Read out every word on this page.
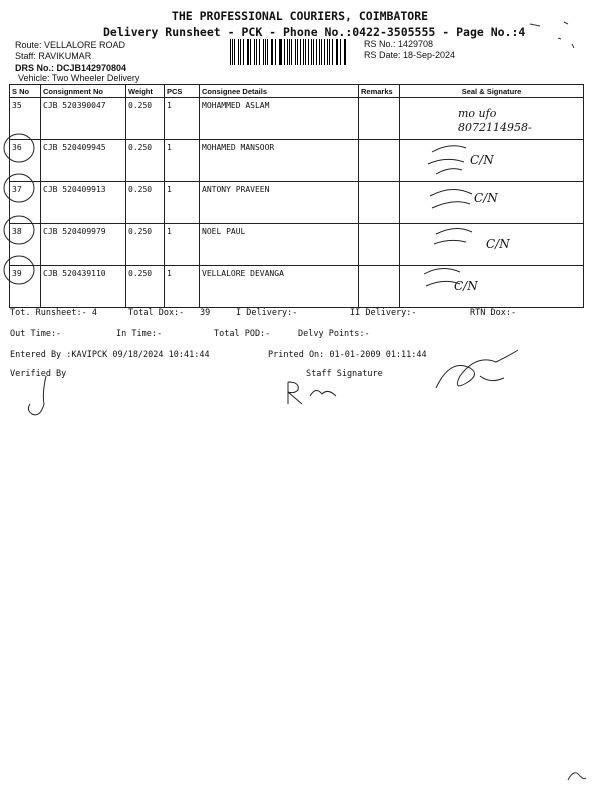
THE PROFESSIONAL COURIERS, COIMBATORE
Delivery Runsheet - PCK - Phone No.:0422-3505555 - Page No.:4
Route: VELLALORE ROAD
Staff: RAVIKUMAR
DRS No.: DCJB142970804
Vehicle: Two Wheeler Delivery
RS No.: 1429708
RS Date: 18-Sep-2024
S No	Consignment No	Weight	PCS	Consignee Details	Remarks	Seal & Signature
35	CJB 520390047	0.250	1	MOHAMMED ASLAM		mo ufo 8072114958-
36	CJB 520409945	0.250	1	MOHAMED MANSOOR		C/N
37	CJB 520409913	0.250	1	ANTONY PRAVEEN		C/N
38	CJB 520409979	0.250	1	NOEL PAUL		C/N
39	CJB 520439110	0.250	1	VELLALORE DEVANGA		C/N
Tot. Runsheet:- 4	Total Dox:- 39	I Delivery:-	II Delivery:-	RTN Dox:-
Out Time:-	In Time:-	Total POD:-	Delvy Points:-
Entered By :KAVIPCK 09/18/2024 10:41:44	Printed On: 01-01-2009 01:11:44
Verified By	Staff Signature
